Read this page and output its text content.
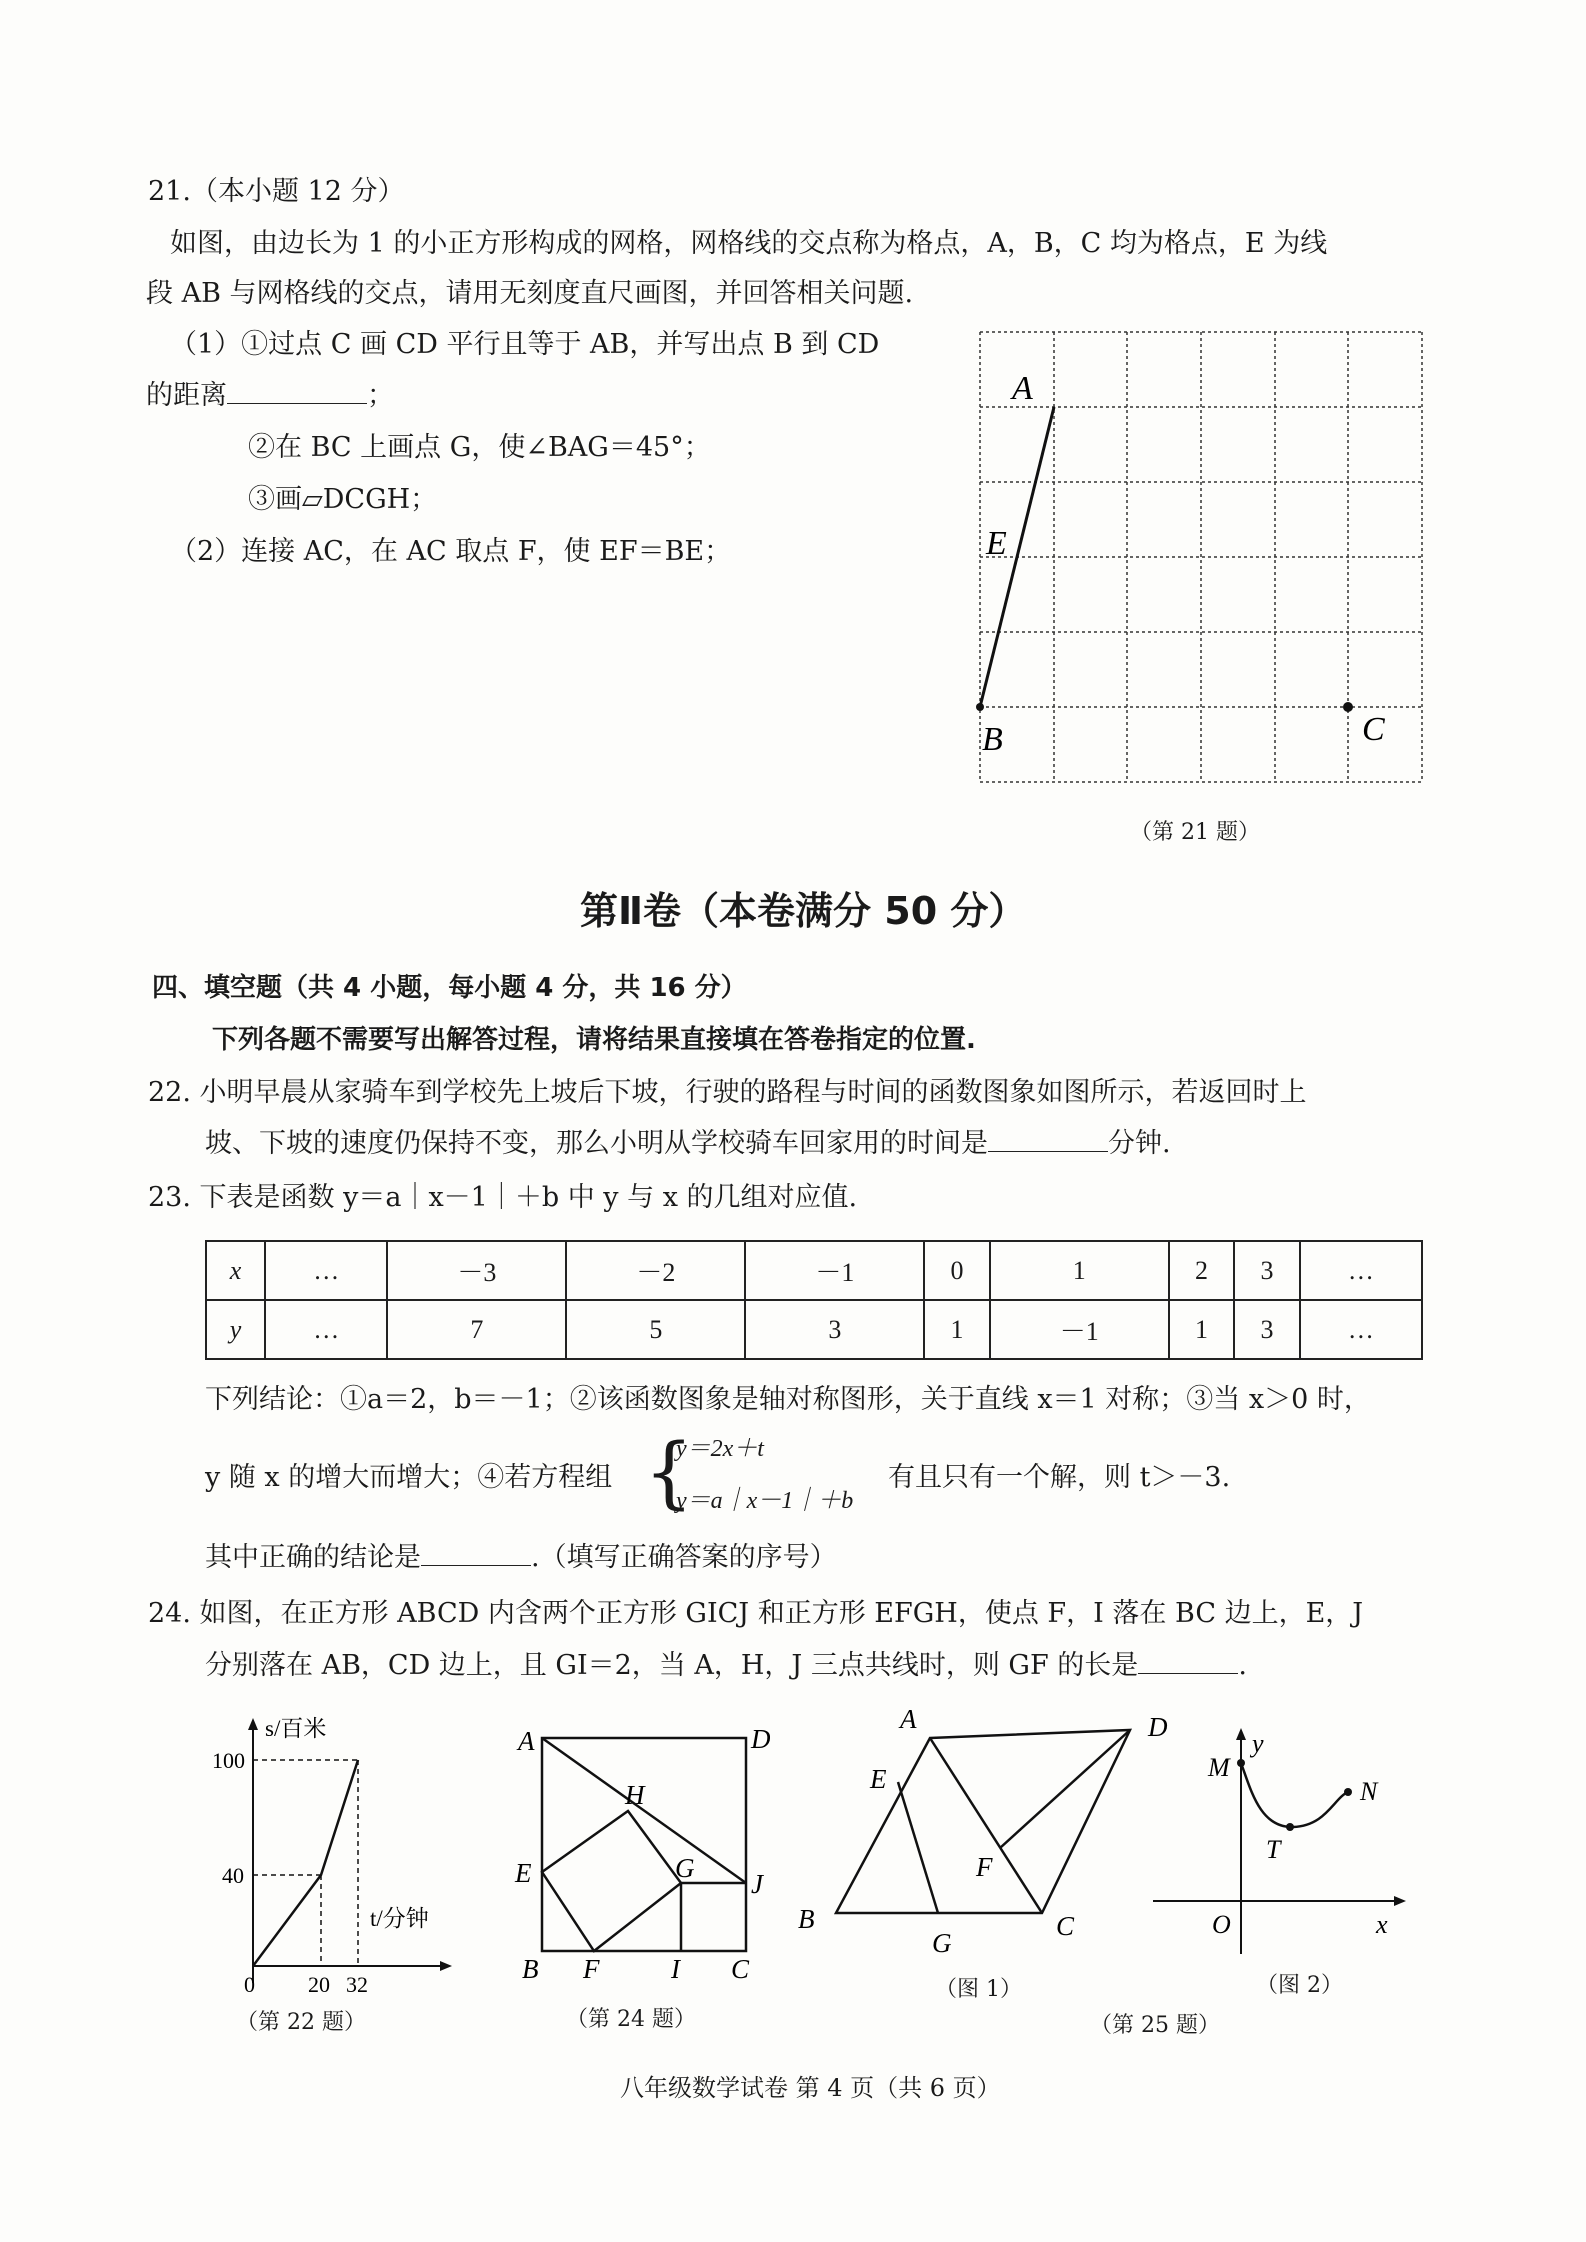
21.（本小题 12 分）
如图，由边长为 1 的小正方形构成的网格，网格线的交点称为格点，A，B，C 均为格点，E 为线
段 AB 与网格线的交点，请用无刻度直尺画图，并回答相关问题.
（1）①过点 C 画 CD 平行且等于 AB，并写出点 B 到 CD
的距离	；
②在 BC 上画点 G，使∠BAG＝45°；
③画▱DCGH；
（2）连接 AC，在 AC 取点 F，使 EF＝BE；
A
E
B	C
（第 21 题）
第Ⅱ卷（本卷满分 50 分）
四、填空题（共 4 小题，每小题 4 分，共 16 分）
下列各题不需要写出解答过程，请将结果直接填在答卷指定的位置.
22. 小明早晨从家骑车到学校先上坡后下坡，行驶的路程与时间的函数图象如图所示，若返回时上
坡、下坡的速度仍保持不变，那么小明从学校骑车回家用的时间是	分钟.
23. 下表是函数 y＝a｜x－1｜＋b 中 y 与 x 的几组对应值.
x	…	－3	－2	－1	0	1	2	3	…
y	…	7	5	3	1	－1	1	3	…
下列结论：①a＝2，b＝－1；②该函数图象是轴对称图形，关于直线 x＝1 对称；③当 x＞0 时，
y 随 x 的增大而增大；④若方程组 {
y＝2x＋t
y＝a｜x－1｜＋b
有且只有一个解，则 t＞－3.
其中正确的结论是	.（填写正确答案的序号）
24. 如图，在正方形 ABCD 内含两个正方形 GICJ 和正方形 EFGH，使点 F，I 落在 BC 边上，E，J
分别落在 AB，CD 边上，且 GI＝2，当 A，H，J 三点共线时，则 GF 的长是	.
s/百米
t/分钟
100
40
0 20 32
（第 22 题）
A	D
H
E	G
J
B F	I C
（第 24 题）
A	D
E
F
B	C
G
（图 1）
M
y
N
T
O	x
（图 2）
（第 25 题）
八年级数学试卷 第 4 页（共 6 页）
